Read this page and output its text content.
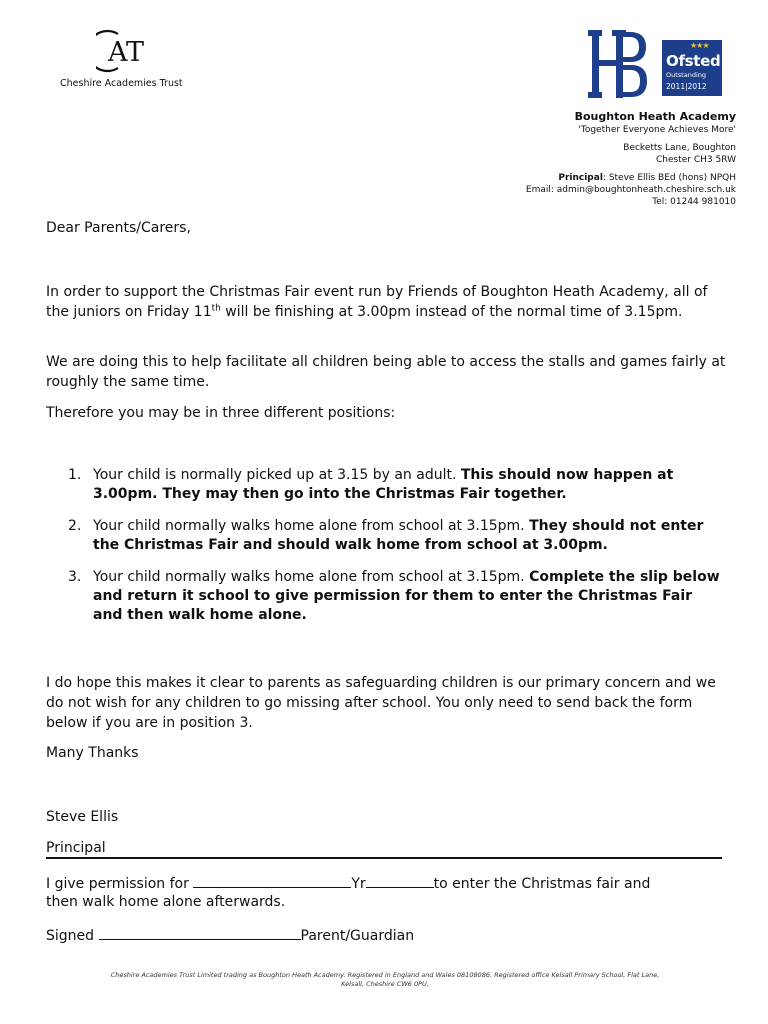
AT
Cheshire Academies Trust
★★★
Ofsted
Outstanding
2011|2012
Boughton Heath Academy
'Together Everyone Achieves More'
Becketts Lane, Boughton
Chester CH3 5RW
Principal: Steve Ellis BEd (hons) NPQH
Email: admin@boughtonheath.cheshire.sch.uk
Tel: 01244 981010
Dear Parents/Carers,

In order to support the Christmas Fair event run by Friends of Boughton Heath Academy, all of the juniors on Friday 11th will be finishing at 3.00pm instead of the normal time of 3.15pm.

We are doing this to help facilitate all children being able to access the stalls and games fairly at roughly the same time.
Therefore you may be in three different positions:
1. Your child is normally picked up at 3.15 by an adult. This should now happen at 3.00pm. They may then go into the Christmas Fair together.
2. Your child normally walks home alone from school at 3.15pm. They should not enter the Christmas Fair and should walk home from school at 3.00pm.
3. Your child normally walks home alone from school at 3.15pm. Complete the slip below and return it school to give permission for them to enter the Christmas Fair and then walk home alone.
I do hope this makes it clear to parents as safeguarding children is our primary concern and we do not wish for any children to go missing after school. You only need to send back the form below if you are in position 3.
Many Thanks
Steve Ellis
Principal
I give permission for	Yr	to enter the Christmas fair and
then walk home alone afterwards.
Signed	Parent/Guardian
Cheshire Academies Trust Limited trading as Boughton Heath Academy. Registered in England and Wales 08108086. Registered office Kelsall Primary School, Flat Lane,
Kelsall, Cheshire CW6 0PU.
